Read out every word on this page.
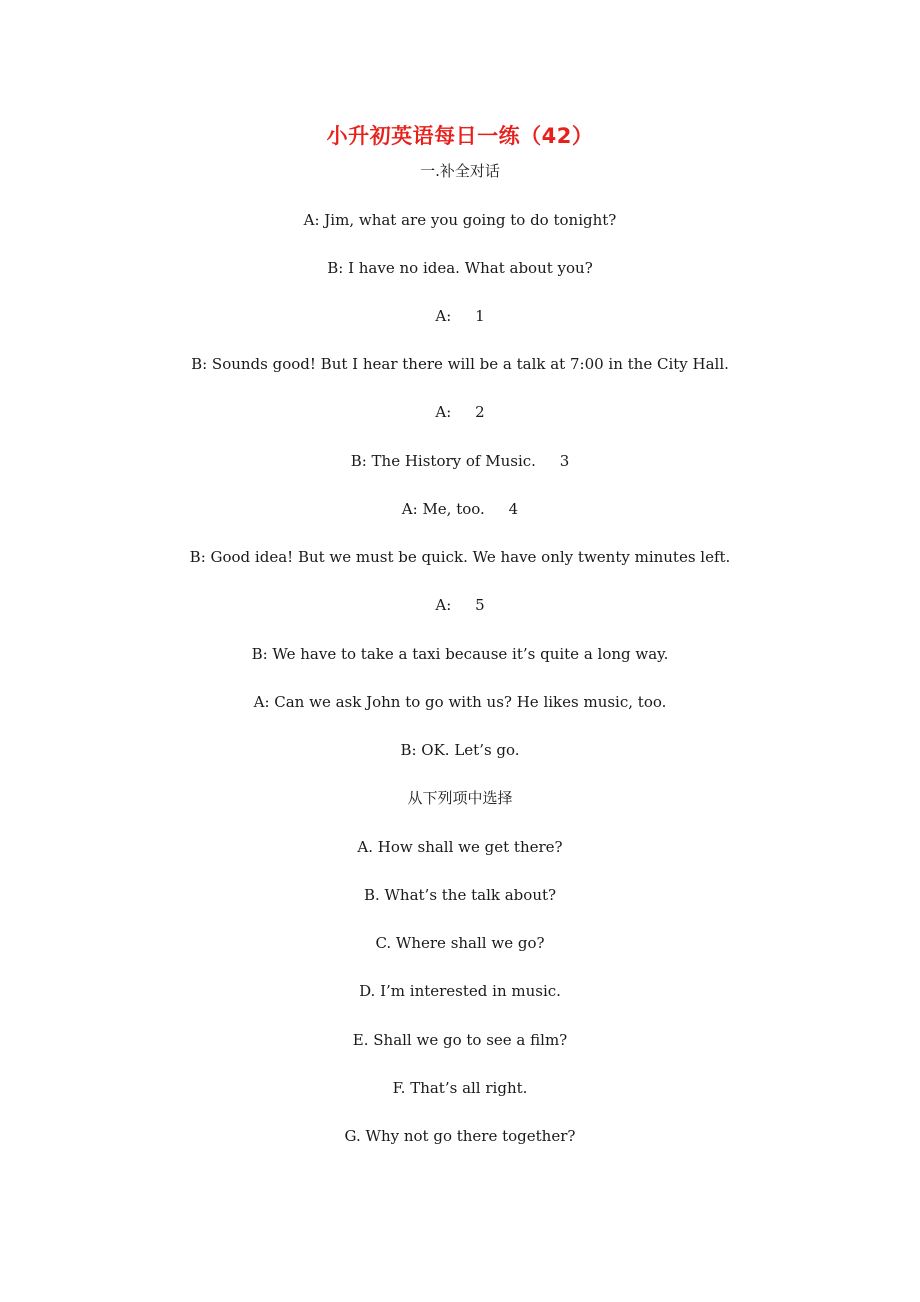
小升初英语每日一练（42）
一.补全对话
A: Jim, what are you going to do tonight?
B: I have no idea. What about you?
A:     1
B: Sounds good! But I hear there will be a talk at 7:00 in the City Hall.
A:     2
B: The History of Music.     3
A: Me, too.     4
B: Good idea! But we must be quick. We have only twenty minutes left.
A:     5
B: We have to take a taxi because it’s quite a long way.
A: Can we ask John to go with us? He likes music, too.
B: OK. Let’s go.
从下列项中选择
A. How shall we get there?
B. What’s the talk about?
C. Where shall we go?
D. I’m interested in music.
E. Shall we go to see a film?
F. That’s all right.
G. Why not go there together?
